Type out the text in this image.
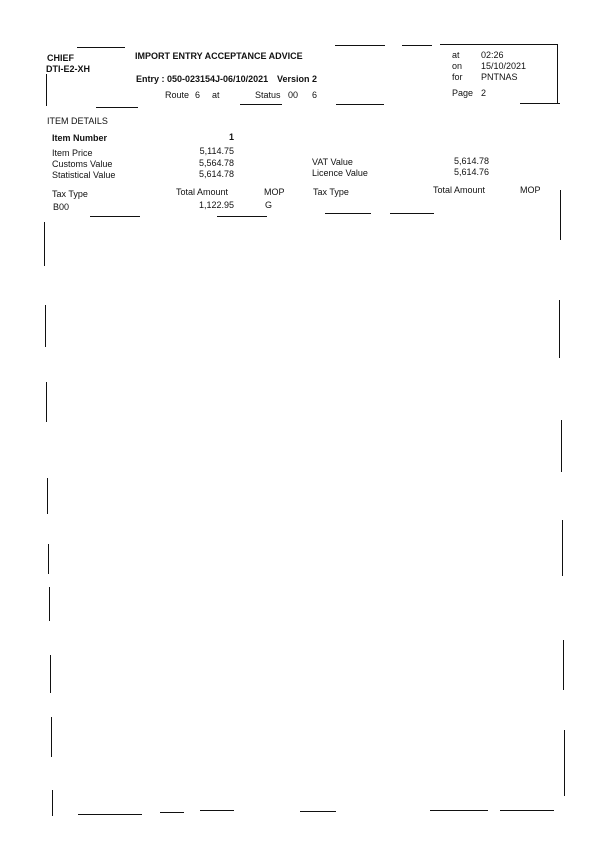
CHIEF
DTI-E2-XH
IMPORT ENTRY ACCEPTANCE ADVICE
Entry : 050-023154J-06/10/2021 Version 2
Route 6 at	Status 00 6
at 02:26
on 15/10/2021
for PNTNAS
Page 2
ITEM DETAILS
Item Number	1
Item Price	5,114.75
Customs Value	5,564.78
Statistical Value	5,614.78
VAT Value	5,614.78
Licence Value	5,614.76
Tax Type	Total Amount	MOP	Tax Type	Total Amount	MOP
B00	1,122.95	G
